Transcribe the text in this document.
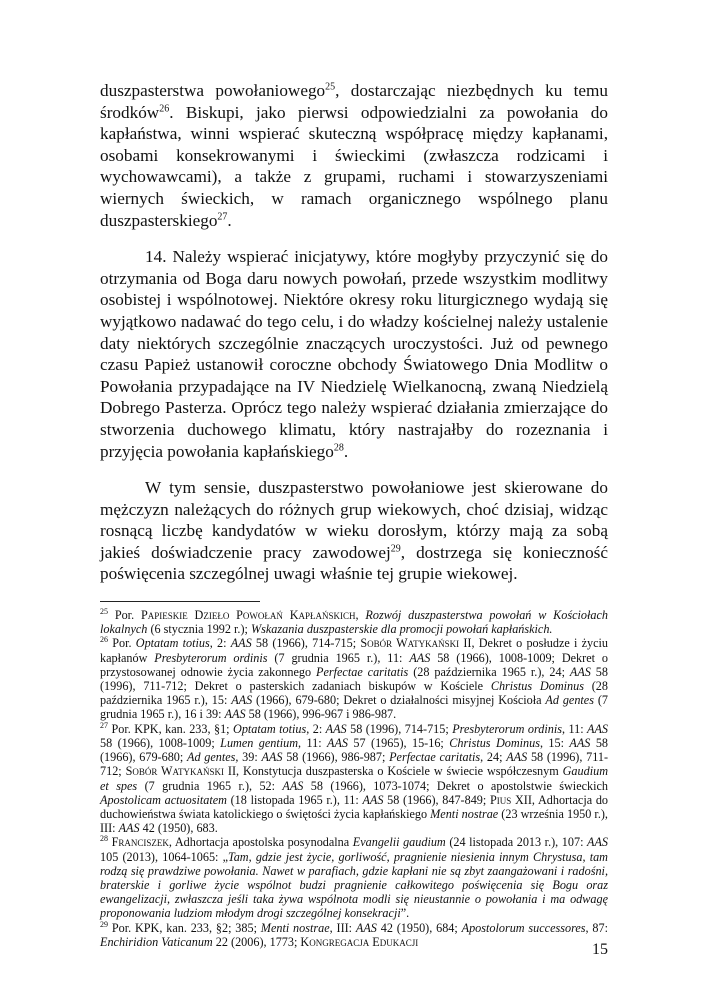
duszpasterstwa powołaniowego$^{25}$, dostarczając niezbędnych ku temu środków$^{26}$. Biskupi, jako pierwsi odpowiedzialni za powołania do kapłaństwa, winni wspierać skuteczną współpracę między kapłanami, osobami konsekrowanymi i świeckimi (zwłaszcza rodzicami i wychowawcami), a także z grupami, ruchami i stowarzyszeniami wiernych świeckich, w ramach organicznego wspólnego planu duszpasterskiego$^{27}$.

14. Należy wspierać inicjatywy, które mogłyby przyczynić się do otrzymania od Boga daru nowych powołań, przede wszystkim modlitwy osobistej i wspólnotowej. Niektóre okresy roku liturgicznego wydają się wyjątkowo nadawać do tego celu, i do władzy kościelnej należy ustalenie daty niektórych szczególnie znaczących uroczystości. Już od pewnego czasu Papież ustanowił coroczne obchody Światowego Dnia Modlitw o Powołania przypadające na IV Niedzielę Wielkanocną, zwaną Niedzielą Dobrego Pasterza. Oprócz tego należy wspierać działania zmierzające do stworzenia duchowego klimatu, który nastrajałby do rozeznania i przyjęcia powołania kapłańskiego$^{28}$.

W tym sensie, duszpasterstwo powołaniowe jest skierowane do mężczyzn należących do różnych grup wiekowych, choć dzisiaj, widząc rosnącą liczbę kandydatów w wieku dorosłym, którzy mają za sobą jakieś doświadczenie pracy zawodowej$^{29}$, dostrzega się konieczność poświęcenia szczególnej uwagi właśnie tej grupie wiekowej.

$^{25}$ Por. Papieskie Dzieło Powołań Kapłańskich, Rozwój duszpasterstwa powołań w Kościołach lokalnych (6 stycznia 1992 r.); Wskazania duszpasterskie dla promocji powołań kapłańskich.

$^{26}$ Por. Optatam totius, 2: AAS 58 (1966), 714-715; Sobór Watykański II, Dekret o posłudze i życiu kapłanów Presbyterorum ordinis (7 grudnia 1965 r.), 11: AAS 58 (1966), 1008-1009; Dekret o przystosowanej odnowie życia zakonnego Perfectae caritatis (28 października 1965 r.), 24; AAS 58 (1996), 711-712; Dekret o pasterskich zadaniach biskupów w Kościele Christus Dominus (28 października 1965 r.), 15: AAS (1966), 679-680; Dekret o działalności misyjnej Kościoła Ad gentes (7 grudnia 1965 r.), 16 i 39: AAS 58 (1966), 996-967 i 986-987.

$^{27}$ Por. KPK, kan. 233, §1; Optatam totius, 2: AAS 58 (1996), 714-715; Presbyterorum ordinis, 11: AAS 58 (1966), 1008-1009; Lumen gentium, 11: AAS 57 (1965), 15-16; Christus Dominus, 15: AAS 58 (1966), 679-680; Ad gentes, 39: AAS 58 (1966), 986-987; Perfectae caritatis, 24; AAS 58 (1996), 711-712; Sobór Watykański II, Konstytucja duszpasterska o Kościele w świecie współczesnym Gaudium et spes (7 grudnia 1965 r.), 52: AAS 58 (1966), 1073-1074; Dekret o apostolstwie świeckich Apostolicam actuositatem (18 listopada 1965 r.), 11: AAS 58 (1966), 847-849; Pius XII, Adhortacja do duchowieństwa świata katolickiego o świętości życia kapłańskiego Menti nostrae (23 września 1950 r.), III: AAS 42 (1950), 683.

$^{28}$ Franciszek, Adhortacja apostolska posynodalna Evangelii gaudium (24 listopada 2013 r.), 107: AAS 105 (2013), 1064-1065: „Tam, gdzie jest życie, gorliwość, pragnienie niesienia innym Chrystusa, tam rodzą się prawdziwe powołania. Nawet w parafiach, gdzie kapłani nie są zbyt zaangażowani i radośni, braterskie i gorliwe życie wspólnot budzi pragnienie całkowitego poświęcenia się Bogu oraz ewangelizacji, zwłaszcza jeśli taka żywa wspólnota modli się nieustannie o powołania i ma odwagę proponowania ludziom młodym drogi szczególnej konsekracji”.

$^{29}$ Por. KPK, kan. 233, §2; 385; Menti nostrae, III: AAS 42 (1950), 684; Apostolorum successores, 87: Enchiridion Vaticanum 22 (2006), 1773; Kongregacja Edukacji	15
